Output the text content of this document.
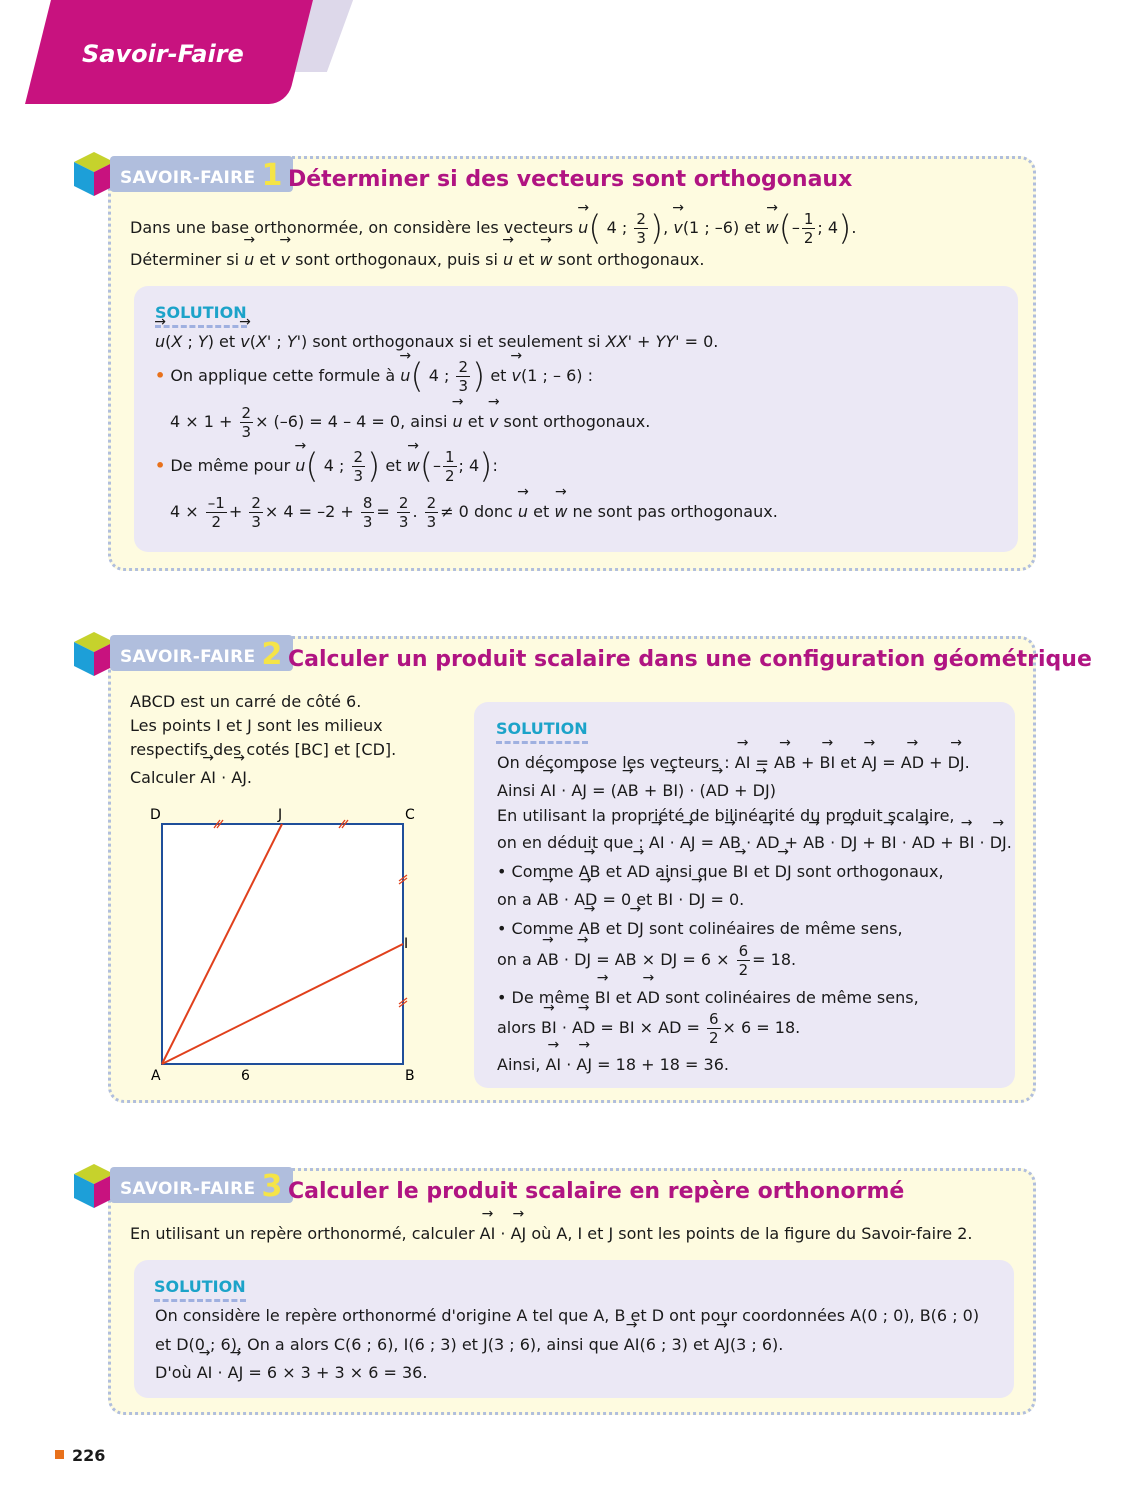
Savoir-Faire
SAVOIR-FAIRE 1 Déterminer si des vecteurs sont orthogonaux
Dans une base orthonormée, on considère les vecteurs → u( 4 ; $\frac{2}{3}$ ), → v(1 ; –6) et → $w(- \frac{1}{2}$ ; 4).
Déterminer si → u et → v sont orthogonaux, puis si → u et → w sont orthogonaux.
SOLUTION
→ u(X ; Y) et → v(X' ; Y') sont orthogonaux si et seulement si XX' + YY' = 0.
• On applique cette formule à → u( 4 ; $\frac{2}{3}$ ) et → v(1 ; – 6) :
$4 \times 1 + \frac{2}{3} \times (-6) = 4 - 4 = 0$, ainsi → u et → v sont orthogonaux.
• De même pour → u( 4 ; $\frac{2}{3}$ ) et → $w(- \frac{1}{2}$ ; 4):
$4 \times \frac{-1}{2} + \frac{2}{3} \times 4 = -2 + \frac{8}{3} = \frac{2}{3}$ . $\frac{2}{3} \ne 0$ donc → u et → w ne sont pas orthogonaux.
SAVOIR-FAIRE 2 Calculer un produit scalaire dans une configuration géométrique
ABCD est un carré de côté 6.
Les points I et J sont les milieux
respectifs des cotés [BC] et [CD].
Calculer → AI · → AJ.
D	J	C
I
A	6	B
SOLUTION
On décompose les vecteurs : → AI = → AB + → BI et → AJ = → AD + → DJ.
Ainsi → AI · → AJ = (→ AB + → BI) · (→ AD + → DJ)
En utilisant la propriété de bilinéarité du produit scalaire,
on en déduit que : → AI · → AJ = → AB · → AD + → AB · → DJ + → BI · → AD + → BI · → DJ.
• Comme → AB et → AD ainsi que → BI et → DJ sont orthogonaux,
on a → AB · → AD = 0 et → BI · → DJ = 0.
• Comme → AB et → DJ sont colinéaires de même sens,
on a → AB · → DJ = AB × DJ = $6 \times \frac{6}{2} = 18$.
• De même → BI et → AD sont colinéaires de même sens,
alors → BI · → AD = BI × AD = $\frac{6}{2} \times 6 = 18$.
Ainsi, → AI · → AJ = 18 + 18 = 36.
SAVOIR-FAIRE 3 Calculer le produit scalaire en repère orthonormé
En utilisant un repère orthonormé, calculer → AI · → AJ où A, I et J sont les points de la figure du Savoir-faire 2.
SOLUTION
On considère le repère orthonormé d'origine A tel que A, B et D ont pour coordonnées A(0 ; 0), B(6 ; 0)
et D(0 ; 6). On a alors C(6 ; 6), I(6 ; 3) et J(3 ; 6), ainsi que → AI(6 ; 3) et → AJ(3 ; 6).
D'où → AI · → AJ = 6 × 3 + 3 × 6 = 36.
226
